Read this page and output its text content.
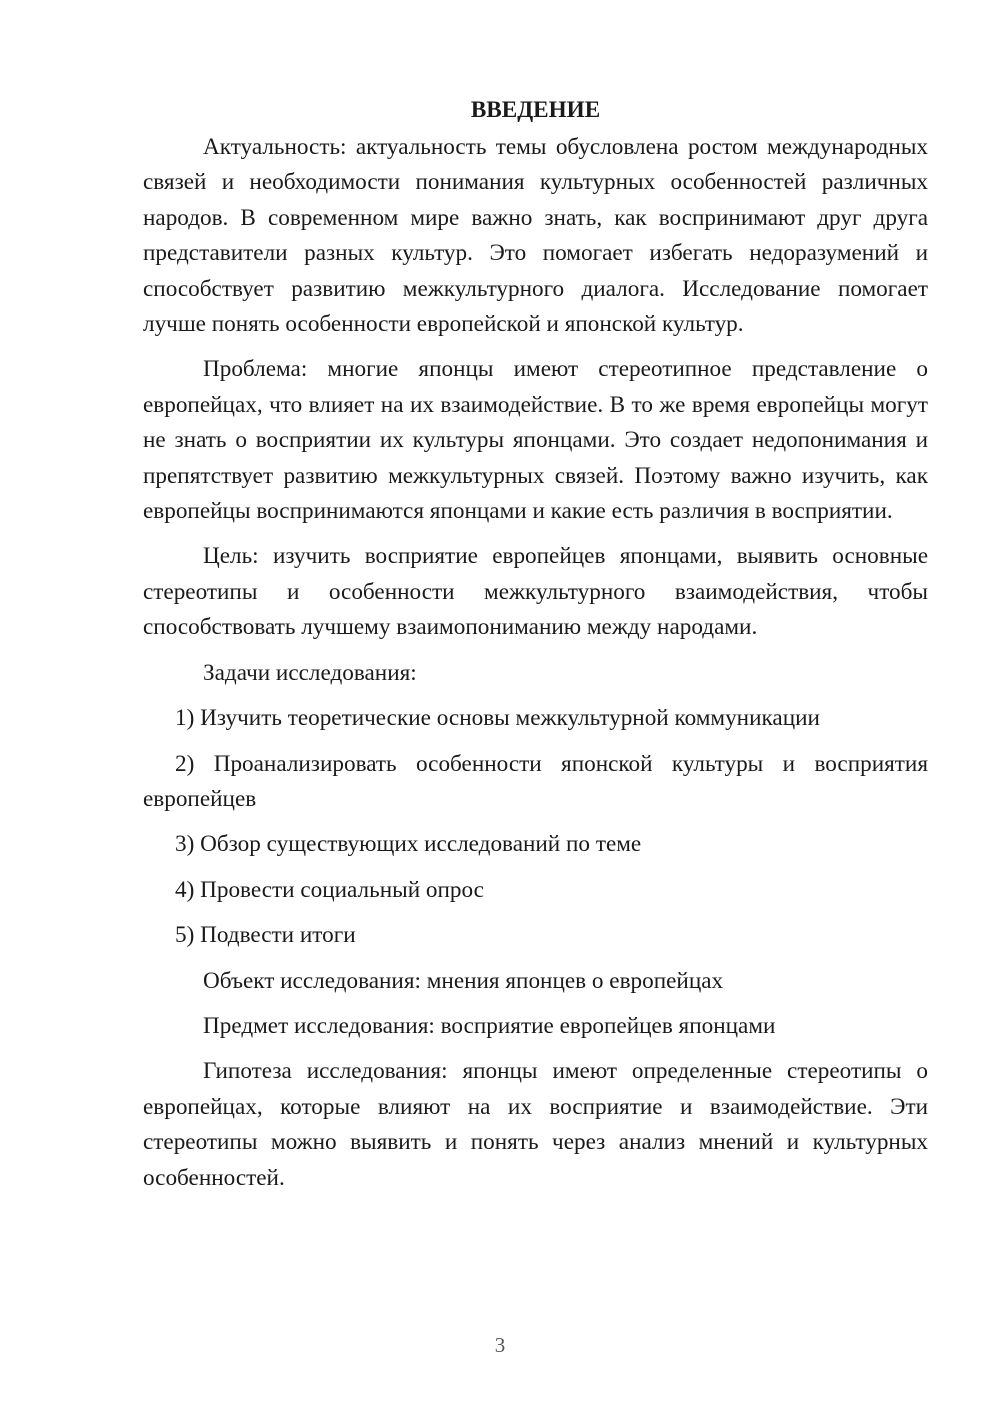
ВВЕДЕНИЕ

Актуальность: актуальность темы обусловлена ростом международных связей и необходимости понимания культурных особенностей различных народов. В современном мире важно знать, как воспринимают друг друга представители разных культур. Это помогает избегать недоразумений и способствует развитию межкультурного диалога. Исследование помогает лучше понять особенности европейской и японской культур.

Проблема: многие японцы имеют стереотипное представление о европейцах, что влияет на их взаимодействие. В то же время европейцы могут не знать о восприятии их культуры японцами. Это создает недопонимания и препятствует развитию межкультурных связей. Поэтому важно изучить, как европейцы воспринимаются японцами и какие есть различия в восприятии.

Цель: изучить восприятие европейцев японцами, выявить основные стереотипы и особенности межкультурного взаимодействия, чтобы способствовать лучшему взаимопониманию между народами.

Задачи исследования:

1) Изучить теоретические основы межкультурной коммуникации

2) Проанализировать особенности японской культуры и восприятия европейцев

3) Обзор существующих исследований по теме

4) Провести социальный опрос

5) Подвести итоги

Объект исследования: мнения японцев о европейцах

Предмет исследования: восприятие европейцев японцами

Гипотеза исследования: японцы имеют определенные стереотипы о европейцах, которые влияют на их восприятие и взаимодействие. Эти стереотипы можно выявить и понять через анализ мнений и культурных особенностей.

3
